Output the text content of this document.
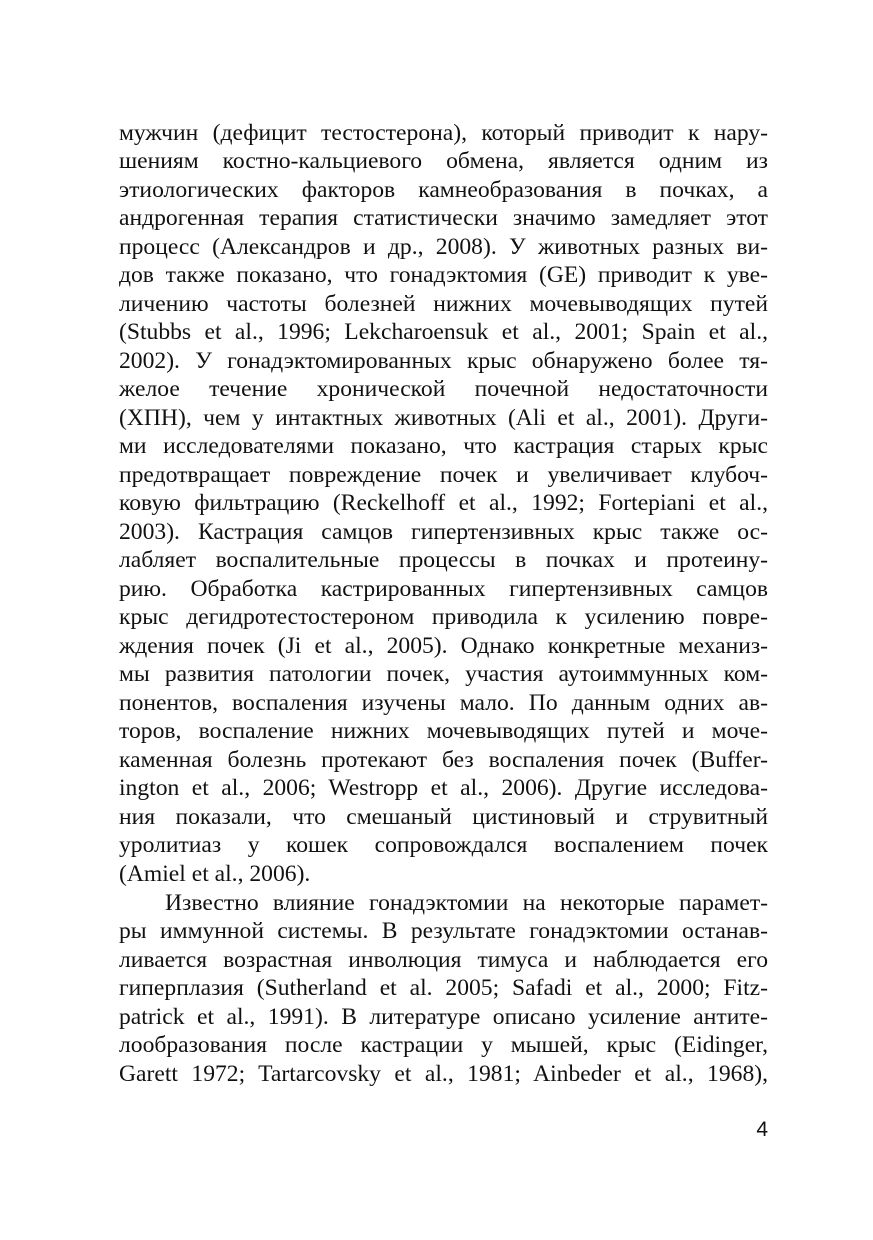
мужчин (дефицит тестостерона), который приводит к нару-
шениям костно-кальциевого обмена, является одним из
этиологических факторов камнеобразования в почках, а
андрогенная терапия статистически значимо замедляет этот
процесс (Александров и др., 2008). У животных разных ви-
дов также показано, что гонадэктомия (GE) приводит к уве-
личению частоты болезней нижних мочевыводящих путей
(Stubbs et al., 1996; Lekcharoensuk et al., 2001; Spain et al.,
2002). У гонадэктомированных крыс обнаружено более тя-
желое течение хронической почечной недостаточности
(ХПН), чем у интактных животных (Ali et al., 2001). Други-
ми исследователями показано, что кастрация старых крыс
предотвращает повреждение почек и увеличивает клубоч-
ковую фильтрацию (Reckelhoff et al., 1992; Fortepiani et al.,
2003). Кастрация самцов гипертензивных крыс также ос-
лабляет воспалительные процессы в почках и протеину-
рию. Обработка кастрированных гипертензивных самцов
крыс дегидротестостероном приводила к усилению повре-
ждения почек (Ji et al., 2005). Однако конкретные механиз-
мы развития патологии почек, участия аутоиммунных ком-
понентов, воспаления изучены мало. По данным одних ав-
торов, воспаление нижних мочевыводящих путей и моче-
каменная болезнь протекают без воспаления почек (Buffer-
ington et al., 2006; Westropp et al., 2006). Другие исследова-
ния показали, что смешаный цистиновый и струвитный
уролитиаз у кошек сопровождался воспалением почек
(Amiel et al., 2006).
Известно влияние гонадэктомии на некоторые парамет-
ры иммунной системы. В результате гонадэктомии останав-
ливается возрастная инволюция тимуса и наблюдается его
гиперплазия (Sutherland et al. 2005; Safadi et al., 2000; Fitz-
patrick et al., 1991). В литературе описано усиление антите-
лообразования после кастрации у мышей, крыс (Eidinger,
Garett 1972; Tartarcovsky et al., 1981; Ainbeder et al., 1968),
4
